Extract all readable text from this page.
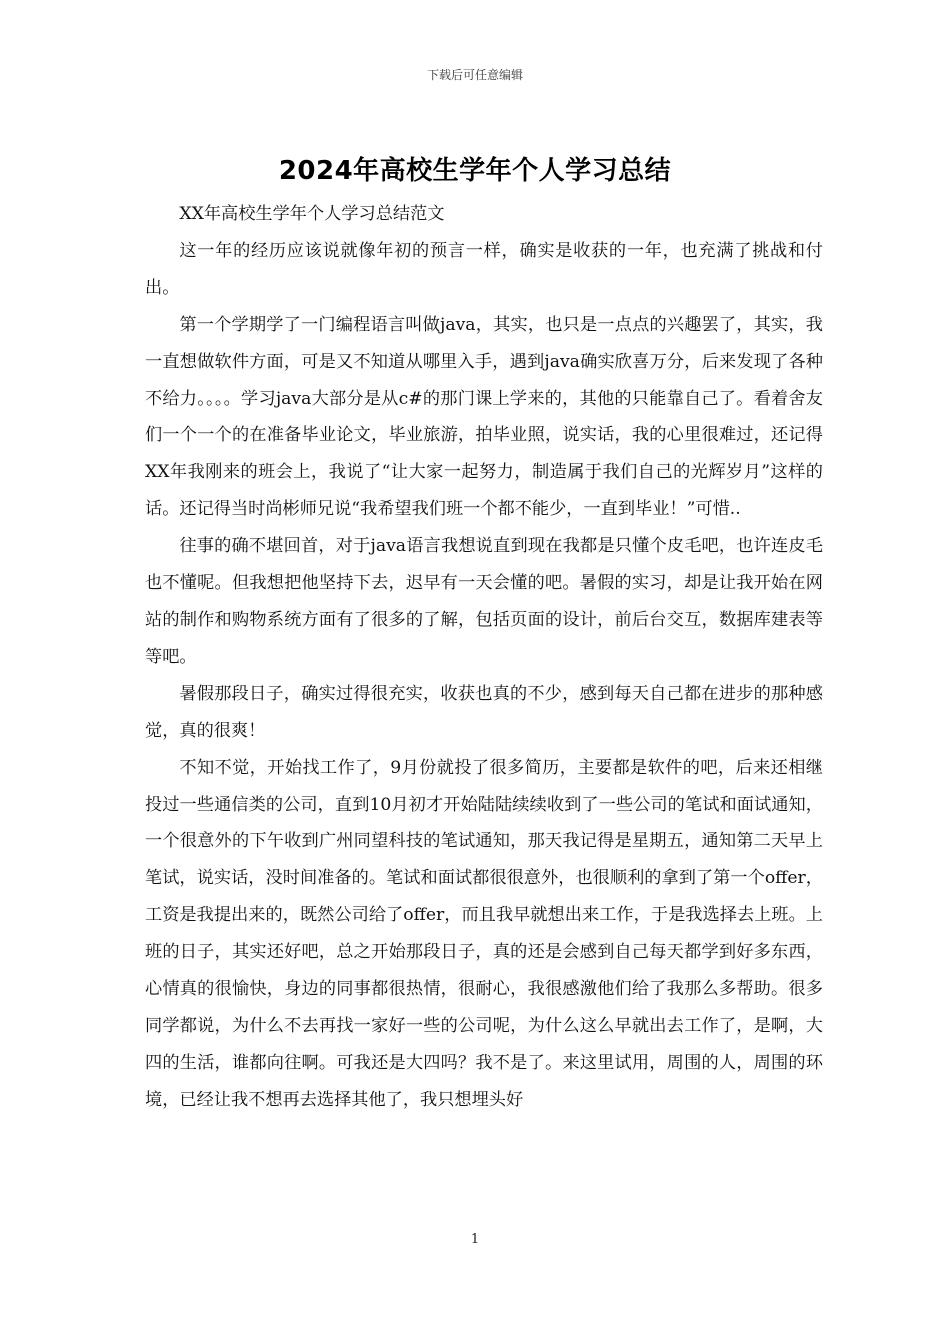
下载后可任意编辑
2024年高校生学年个人学习总结

XX年高校生学年个人学习总结范文

这一年的经历应该说就像年初的预言一样，确实是收获的一年，也充满了挑战和付出。

第一个学期学了一门编程语言叫做java，其实，也只是一点点的兴趣罢了，其实，我一直想做软件方面，可是又不知道从哪里入手，遇到java确实欣喜万分，后来发现了各种不给力。。。。学习java大部分是从c#的那门课上学来的，其他的只能靠自己了。看着舍友们一个一个的在准备毕业论文，毕业旅游，拍毕业照，说实话，我的心里很难过，还记得XX年我刚来的班会上，我说了“让大家一起努力，制造属于我们自己的光辉岁月”这样的话。还记得当时尚彬师兄说“我希望我们班一个都不能少，一直到毕业！”可惜..

往事的确不堪回首，对于java语言我想说直到现在我都是只懂个皮毛吧，也许连皮毛也不懂呢。但我想把他坚持下去，迟早有一天会懂的吧。暑假的实习，却是让我开始在网站的制作和购物系统方面有了很多的了解，包括页面的设计，前后台交互，数据库建表等等吧。

暑假那段日子，确实过得很充实，收获也真的不少，感到每天自己都在进步的那种感觉，真的很爽！

不知不觉，开始找工作了，9月份就投了很多简历，主要都是软件的吧，后来还相继投过一些通信类的公司，直到10月初才开始陆陆续续收到了一些公司的笔试和面试通知，一个很意外的下午收到广州同望科技的笔试通知，那天我记得是星期五，通知第二天早上笔试，说实话，没时间准备的。笔试和面试都很很意外，也很顺利的拿到了第一个offer，工资是我提出来的，既然公司给了offer，而且我早就想出来工作，于是我选择去上班。上班的日子，其实还好吧，总之开始那段日子，真的还是会感到自己每天都学到好多东西，心情真的很愉快，身边的同事都很热情，很耐心，我很感激他们给了我那么多帮助。很多同学都说，为什么不去再找一家好一些的公司呢，为什么这么早就出去工作了，是啊，大四的生活，谁都向往啊。可我还是大四吗？我不是了。来这里试用，周围的人，周围的环境，已经让我不想再去选择其他了，我只想埋头好

1
